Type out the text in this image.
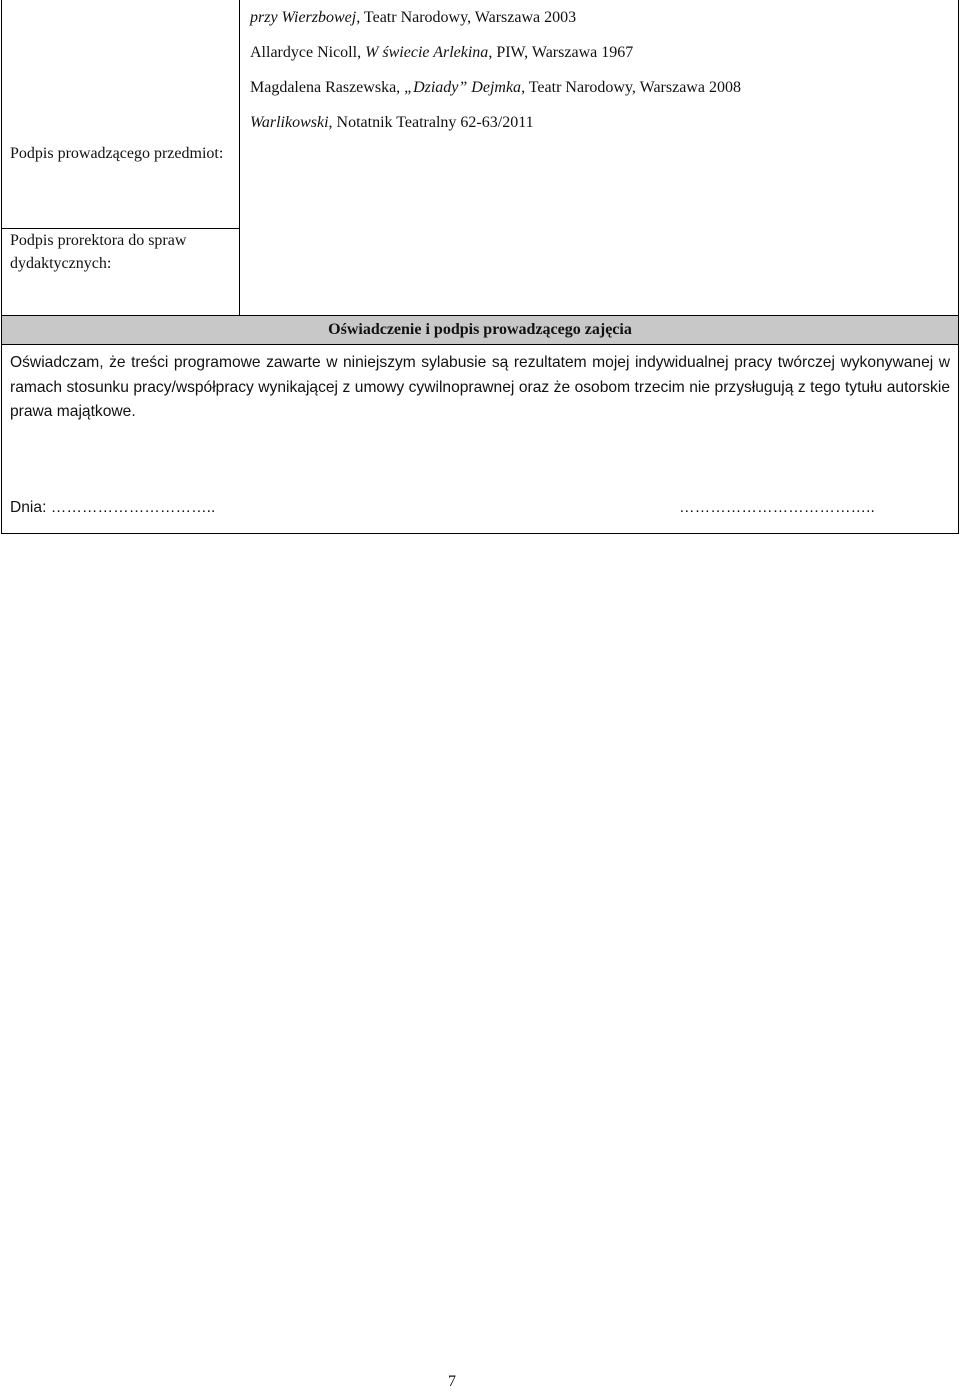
Podpis prowadzącego przedmiot:
Podpis prorektora do spraw dydaktycznych:
przy Wierzbowej, Teatr Narodowy, Warszawa 2003
Allardyce Nicoll, W świecie Arlekina, PIW, Warszawa 1967
Magdalena Raszewska, „Dziady” Dejmka, Teatr Narodowy, Warszawa 2008
Warlikowski, Notatnik Teatralny 62-63/2011
Oświadczenie i podpis prowadzącego zajęcia

Oświadczam, że treści programowe zawarte w niniejszym sylabusie są rezultatem mojej indywidualnej pracy twórczej wykonywanej w ramach stosunku pracy/współpracy wynikającej z umowy cywilnoprawnej oraz że osobom trzecim nie przysługują z tego tytułu autorskie prawa majątkowe.

Dnia: …………………………..	………………………………..
7
